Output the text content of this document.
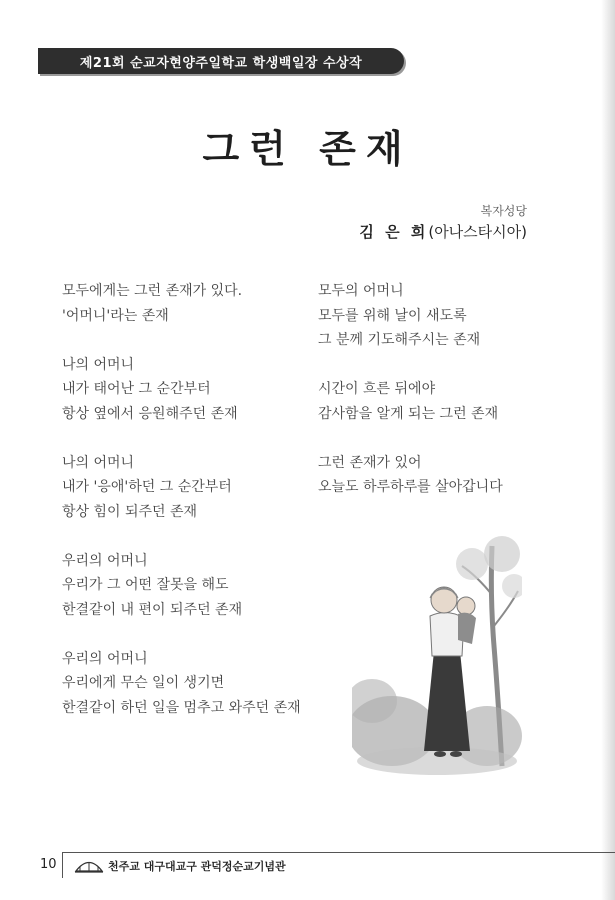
제21회 순교자현양주일학교 학생백일장 수상작
그런 존재
복자성당
김 은 희(아나스타시아)
모두에게는 그런 존재가 있다.
'어머니'라는 존재
나의 어머니
내가 태어난 그 순간부터
항상 옆에서 응원해주던 존재
나의 어머니
내가 '응애'하던 그 순간부터
항상 힘이 되주던 존재
우리의 어머니
우리가 그 어떤 잘못을 해도
한결같이 내 편이 되주던 존재
우리의 어머니
우리에게 무슨 일이 생기면
한결같이 하던 일을 멈추고 와주던 존재
모두의 어머니
모두를 위해 날이 새도록
그 분께 기도해주시는 존재
시간이 흐른 뒤에야
감사함을 알게 되는 그런 존재
그런 존재가 있어
오늘도 하루하루를 살아갑니다
10	천주교 대구대교구 관덕정순교기념관
